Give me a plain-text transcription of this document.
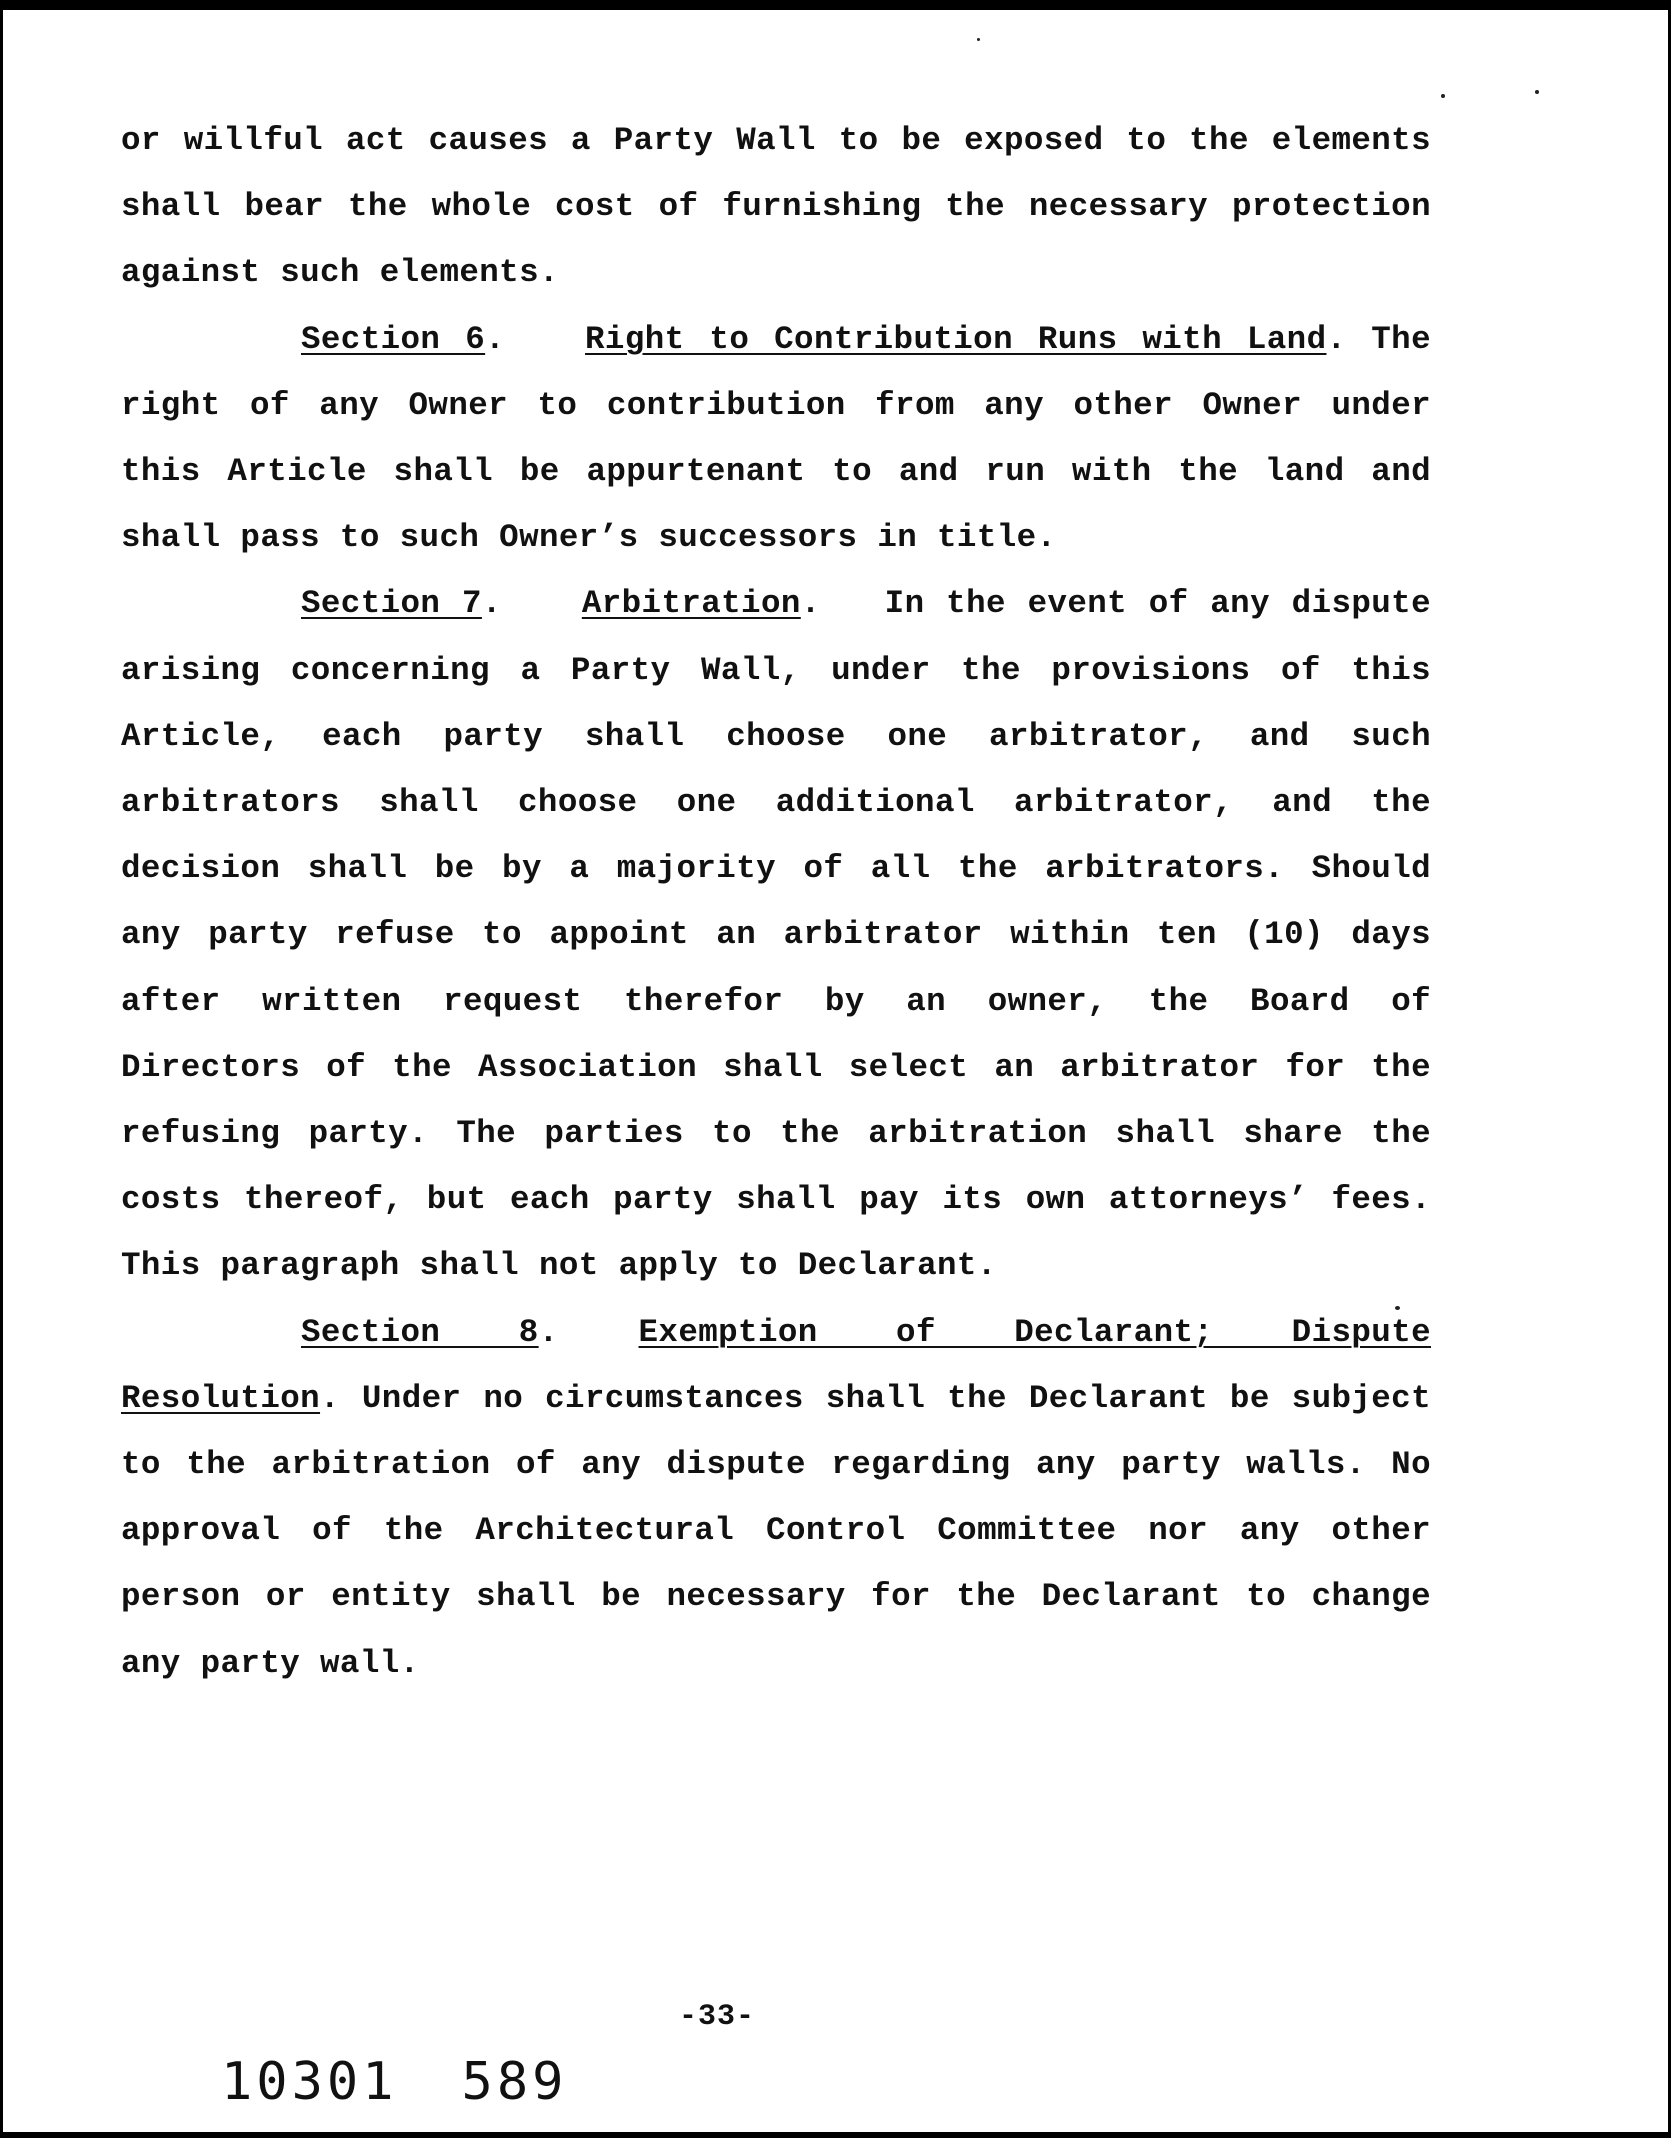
or willful act causes a Party Wall to be exposed to the elements shall bear the whole cost of furnishing the necessary protection against such elements.

Section 6. Right to Contribution Runs with Land. The right of any Owner to contribution from any other Owner under this Article shall be appurtenant to and run with the land and shall pass to such Owner’s successors in title.

Section 7. Arbitration. In the event of any dispute arising concerning a Party Wall, under the provisions of this Article, each party shall choose one arbitrator, and such arbitrators shall choose one additional arbitrator, and the decision shall be by a majority of all the arbitrators. Should any party refuse to appoint an arbitrator within ten (10) days after written request therefor by an owner, the Board of Directors of the Association shall select an arbitrator for the refusing party. The parties to the arbitration shall share the costs thereof, but each party shall pay its own attorneys’ fees. This paragraph shall not apply to Declarant.

Section 8. Exemption of Declarant; Dispute Resolution. Under no circumstances shall the Declarant be subject to the arbitration of any dispute regarding any party walls. No approval of the Architectural Control Committee nor any other person or entity shall be necessary for the Declarant to change any party wall.

-33-
10301 589
